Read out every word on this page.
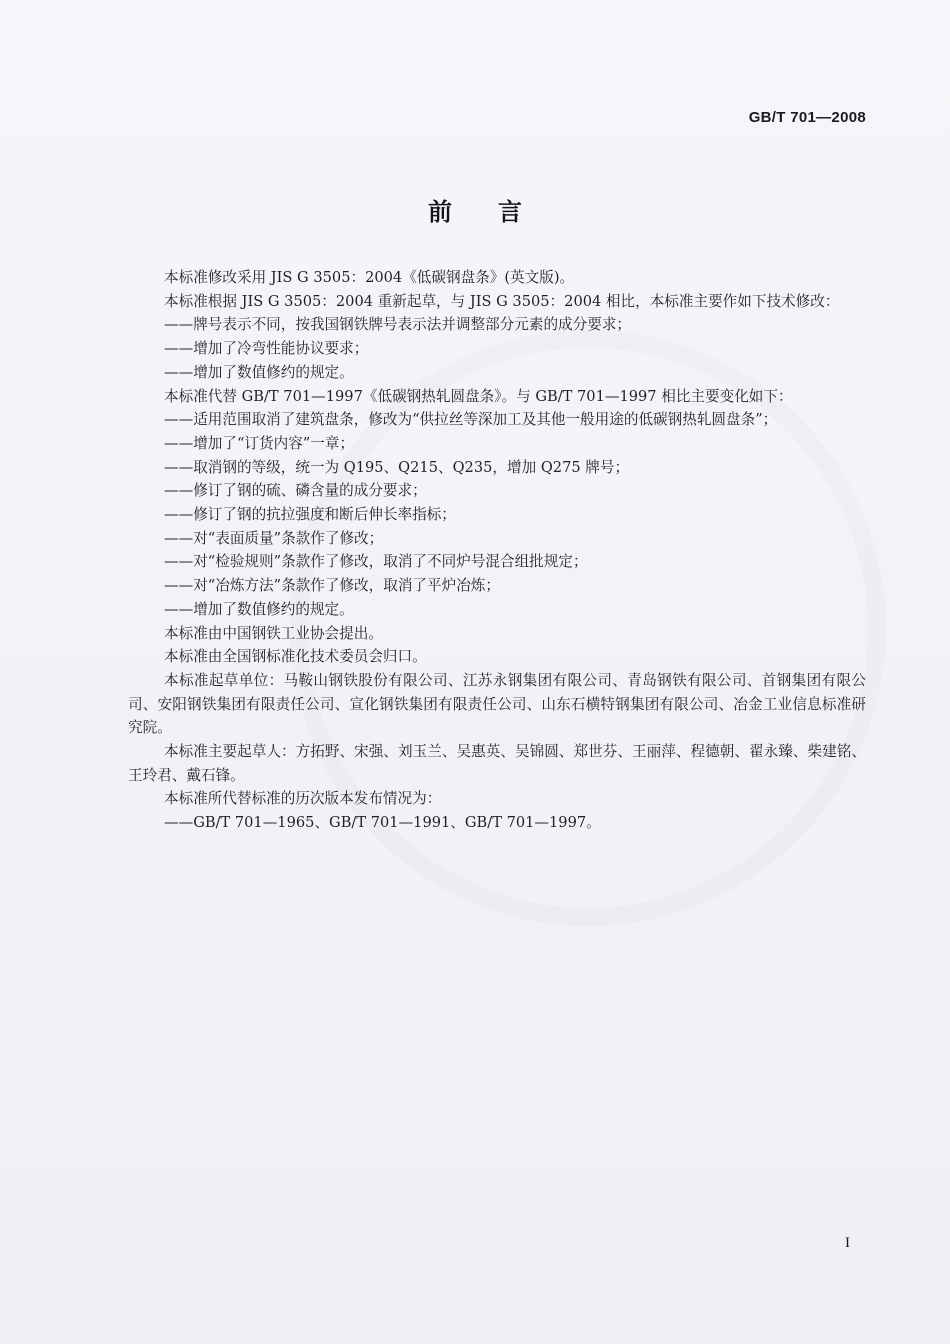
GB/T 701—2008
前言

本标准修改采用 JIS G 3505：2004《低碳钢盘条》(英文版)。

本标准根据 JIS G 3505：2004 重新起草，与 JIS G 3505：2004 相比，本标准主要作如下技术修改：

——牌号表示不同，按我国钢铁牌号表示法并调整部分元素的成分要求；

——增加了冷弯性能协议要求；

——增加了数值修约的规定。

本标准代替 GB/T 701—1997《低碳钢热轧圆盘条》。与 GB/T 701—1997 相比主要变化如下：

——适用范围取消了建筑盘条，修改为“供拉丝等深加工及其他一般用途的低碳钢热轧圆盘条”；

——增加了“订货内容”一章；

——取消钢的等级，统一为 Q195、Q215、Q235，增加 Q275 牌号；

——修订了钢的硫、磷含量的成分要求；

——修订了钢的抗拉强度和断后伸长率指标；

——对“表面质量”条款作了修改；

——对“检验规则”条款作了修改，取消了不同炉号混合组批规定；

——对“冶炼方法”条款作了修改，取消了平炉冶炼；

——增加了数值修约的规定。

本标准由中国钢铁工业协会提出。

本标准由全国钢标准化技术委员会归口。

本标准起草单位：马鞍山钢铁股份有限公司、江苏永钢集团有限公司、青岛钢铁有限公司、首钢集团有限公司、安阳钢铁集团有限责任公司、宣化钢铁集团有限责任公司、山东石横特钢集团有限公司、冶金工业信息标准研究院。

本标准主要起草人：方拓野、宋强、刘玉兰、吴惠英、吴锦圆、郑世芬、王丽萍、程德朝、翟永臻、柴建铭、王玲君、戴石锋。

本标准所代替标准的历次版本发布情况为：

——GB/T 701—1965、GB/T 701—1991、GB/T 701—1997。

I
